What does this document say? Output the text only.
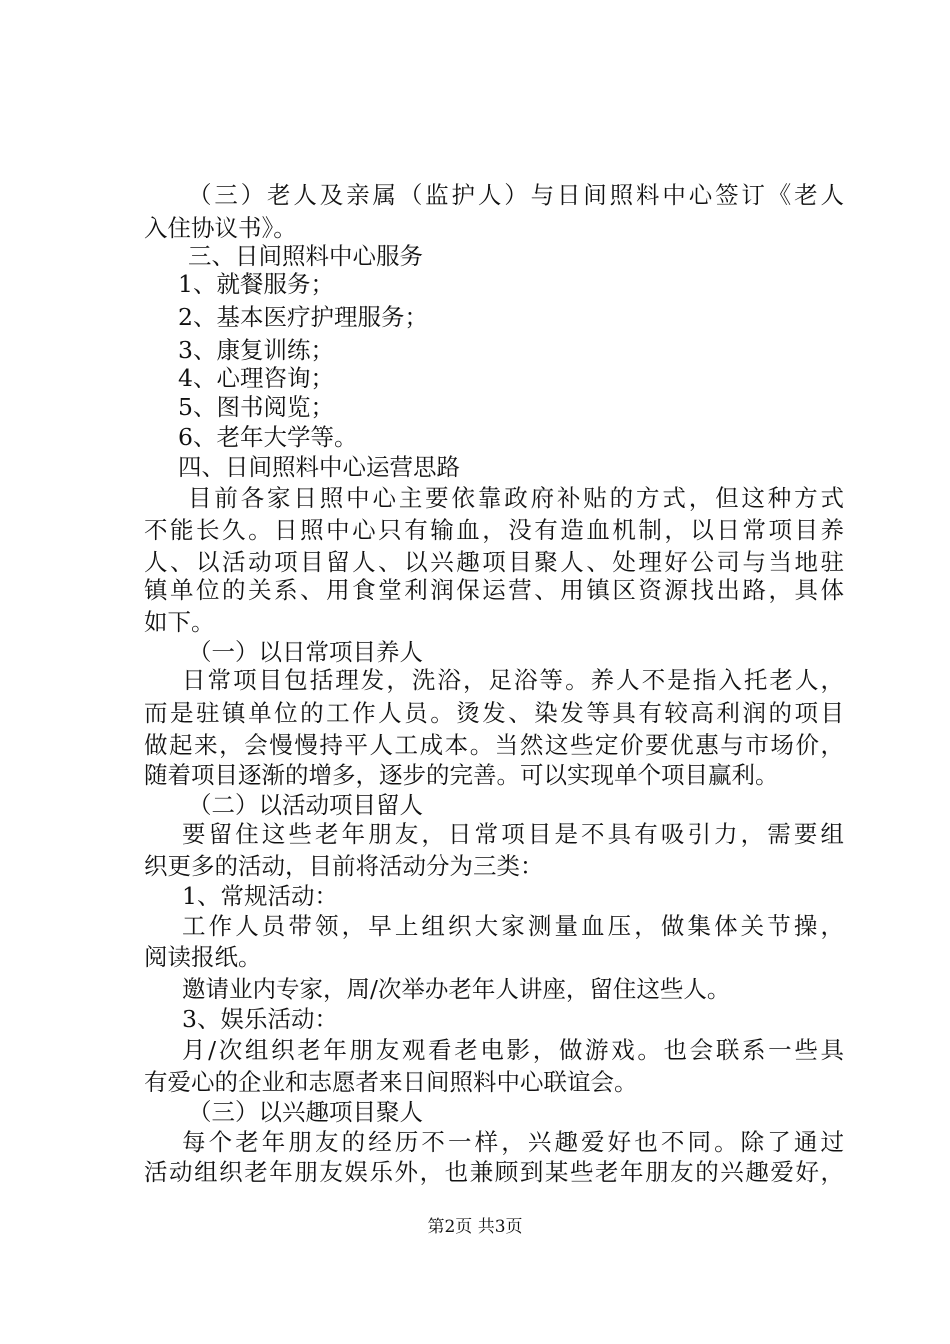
（三）老人及亲属（监护人）与日间照料中心签订《老人
入住协议书》。
三、日间照料中心服务
1、就餐服务；
2、基本医疗护理服务；
3、康复训练；
4、心理咨询；
5、图书阅览；
6、老年大学等。
四、日间照料中心运营思路
目前各家日照中心主要依靠政府补贴的方式，但这种方式
不能长久。日照中心只有输血，没有造血机制，以日常项目养
人、以活动项目留人、以兴趣项目聚人、处理好公司与当地驻
镇单位的关系、用食堂利润保运营、用镇区资源找出路，具体
如下。
（一）以日常项目养人
日常项目包括理发，洗浴，足浴等。养人不是指入托老人，
而是驻镇单位的工作人员。烫发、染发等具有较高利润的项目
做起来，会慢慢持平人工成本。当然这些定价要优惠与市场价，
随着项目逐渐的增多，逐步的完善。可以实现单个项目赢利。
（二）以活动项目留人
要留住这些老年朋友，日常项目是不具有吸引力，需要组
织更多的活动，目前将活动分为三类：
1、常规活动：
工作人员带领，早上组织大家测量血压，做集体关节操，
阅读报纸。
邀请业内专家，周/次举办老年人讲座，留住这些人。
3、娱乐活动：
月/次组织老年朋友观看老电影，做游戏。也会联系一些具
有爱心的企业和志愿者来日间照料中心联谊会。
（三）以兴趣项目聚人
每个老年朋友的经历不一样，兴趣爱好也不同。除了通过
活动组织老年朋友娱乐外，也兼顾到某些老年朋友的兴趣爱好，
第2页 共3页
